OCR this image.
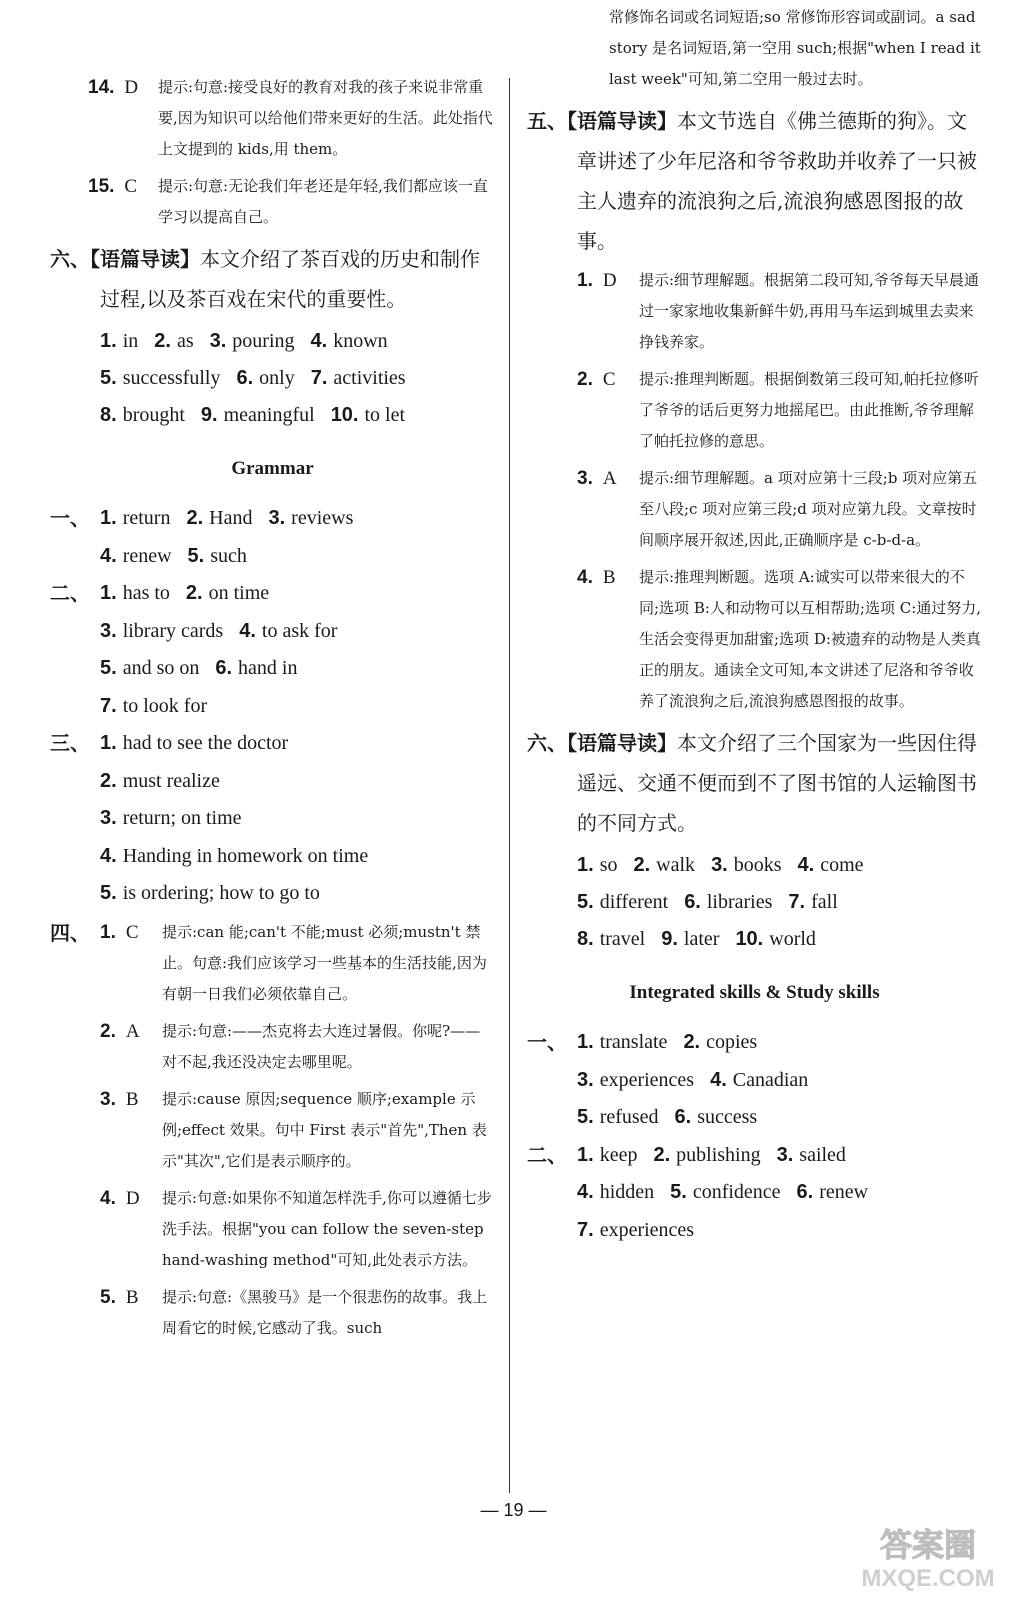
14. D	提示:句意:接受良好的教育对我的孩子来说非常重要,因为知识可以给他们带来更好的生活。此处指代上文提到的 kids,用 them。
15. C	提示:句意:无论我们年老还是年轻,我们都应该一直学习以提高自己。
六、【语篇导读】本文介绍了茶百戏的历史和制作过程,以及茶百戏在宋代的重要性。
1. in 2. as 3. pouring 4. known
5. successfully 6. only 7. activities
8. brought 9. meaningful 10. to let
Grammar
一、 1. return 2. Hand 3. reviews
4. renew 5. such
二、 1. has to 2. on time
3. library cards 4. to ask for
5. and so on 6. hand in
7. to look for
三、 1. had to see the doctor
2. must realize
3. return; on time
4. Handing in homework on time
5. is ordering; how to go to
四、 1. C	提示:can 能;can't 不能;must 必须;mustn't 禁止。句意:我们应该学习一些基本的生活技能,因为有朝一日我们必须依靠自己。
2. A	提示:句意:——杰克将去大连过暑假。你呢?——对不起,我还没决定去哪里呢。
3. B	提示:cause 原因;sequence 顺序;example 示例;effect 效果。句中 First 表示"首先",Then 表示"其次",它们是表示顺序的。
4. D	提示:句意:如果你不知道怎样洗手,你可以遵循七步洗手法。根据"you can follow the seven-step hand-washing method"可知,此处表示方法。
5. B	提示:句意:《黑骏马》是一个很悲伤的故事。我上周看它的时候,它感动了我。such
常修饰名词或名词短语;so 常修饰形容词或副词。a sad story 是名词短语,第一空用 such;根据"when I read it last week"可知,第二空用一般过去时。
五、【语篇导读】本文节选自《佛兰德斯的狗》。文章讲述了少年尼洛和爷爷救助并收养了一只被主人遗弃的流浪狗之后,流浪狗感恩图报的故事。
1. D	提示:细节理解题。根据第二段可知,爷爷每天早晨通过一家家地收集新鲜牛奶,再用马车运到城里去卖来挣钱养家。
2. C	提示:推理判断题。根据倒数第三段可知,帕托拉修听了爷爷的话后更努力地摇尾巴。由此推断,爷爷理解了帕托拉修的意思。
3. A	提示:细节理解题。a 项对应第十三段;b 项对应第五至八段;c 项对应第三段;d 项对应第九段。文章按时间顺序展开叙述,因此,正确顺序是 c-b-d-a。
4. B	提示:推理判断题。选项 A:诚实可以带来很大的不同;选项 B:人和动物可以互相帮助;选项 C:通过努力,生活会变得更加甜蜜;选项 D:被遗弃的动物是人类真正的朋友。通读全文可知,本文讲述了尼洛和爷爷收养了流浪狗之后,流浪狗感恩图报的故事。
六、【语篇导读】本文介绍了三个国家为一些因住得遥远、交通不便而到不了图书馆的人运输图书的不同方式。
1. so 2. walk 3. books 4. come
5. different 6. libraries 7. fall
8. travel 9. later 10. world
Integrated skills & Study skills
一、 1. translate 2. copies
3. experiences 4. Canadian
5. refused 6. success
二、 1. keep 2. publishing 3. sailed
4. hidden 5. confidence 6. renew
7. experiences
— 19 —
答案圈
MXQE.COM
